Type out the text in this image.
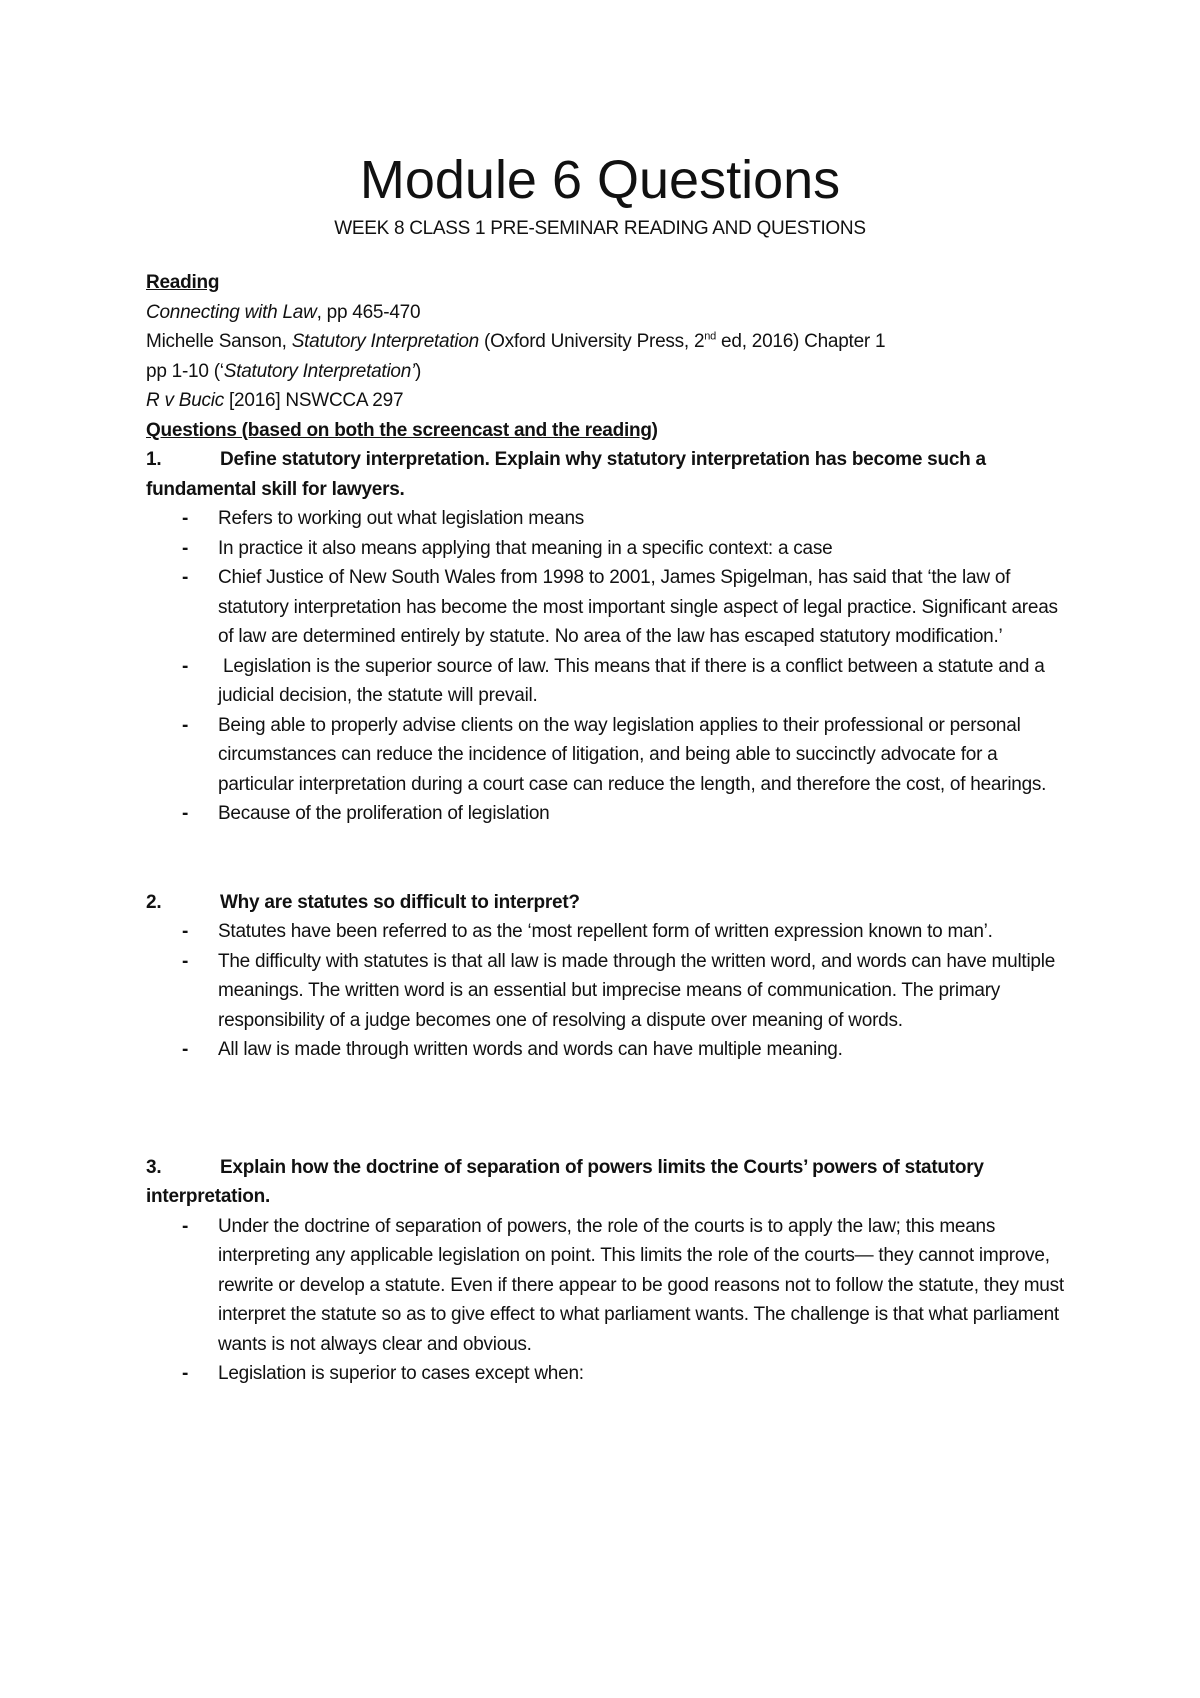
Module 6 Questions

WEEK 8 CLASS 1 PRE-SEMINAR READING AND QUESTIONS

Reading

Connecting with Law, pp 465-470

Michelle Sanson, Statutory Interpretation (Oxford University Press, 2nd ed, 2016) Chapter 1

pp 1-10 (‘Statutory Interpretation’)

R v Bucic [2016] NSWCCA 297

Questions (based on both the screencast and the reading)

1.	Define statutory interpretation. Explain why statutory interpretation has become such a fundamental skill for lawyers.

- Refers to working out what legislation means
- In practice it also means applying that meaning in a specific context: a case
- Chief Justice of New South Wales from 1998 to 2001, James Spigelman, has said that ‘the law of statutory interpretation has become the most important single aspect of legal practice. Significant areas of law are determined entirely by statute. No area of the law has escaped statutory modification.’
- Legislation is the superior source of law. This means that if there is a conflict between a statute and a judicial decision, the statute will prevail.
- Being able to properly advise clients on the way legislation applies to their professional or personal circumstances can reduce the incidence of litigation, and being able to succinctly advocate for a particular interpretation during a court case can reduce the length, and therefore the cost, of hearings.
- Because of the proliferation of legislation

2.	Why are statutes so difficult to interpret?

- Statutes have been referred to as the ‘most repellent form of written expression known to man’.
- The difficulty with statutes is that all law is made through the written word, and words can have multiple meanings. The written word is an essential but imprecise means of communication. The primary responsibility of a judge becomes one of resolving a dispute over meaning of words.
- All law is made through written words and words can have multiple meaning.

3.	Explain how the doctrine of separation of powers limits the Courts’ powers of statutory interpretation.

- Under the doctrine of separation of powers, the role of the courts is to apply the law; this means interpreting any applicable legislation on point. This limits the role of the courts— they cannot improve, rewrite or develop a statute. Even if there appear to be good reasons not to follow the statute, they must interpret the statute so as to give effect to what parliament wants. The challenge is that what parliament wants is not always clear and obvious.
- Legislation is superior to cases except when:
